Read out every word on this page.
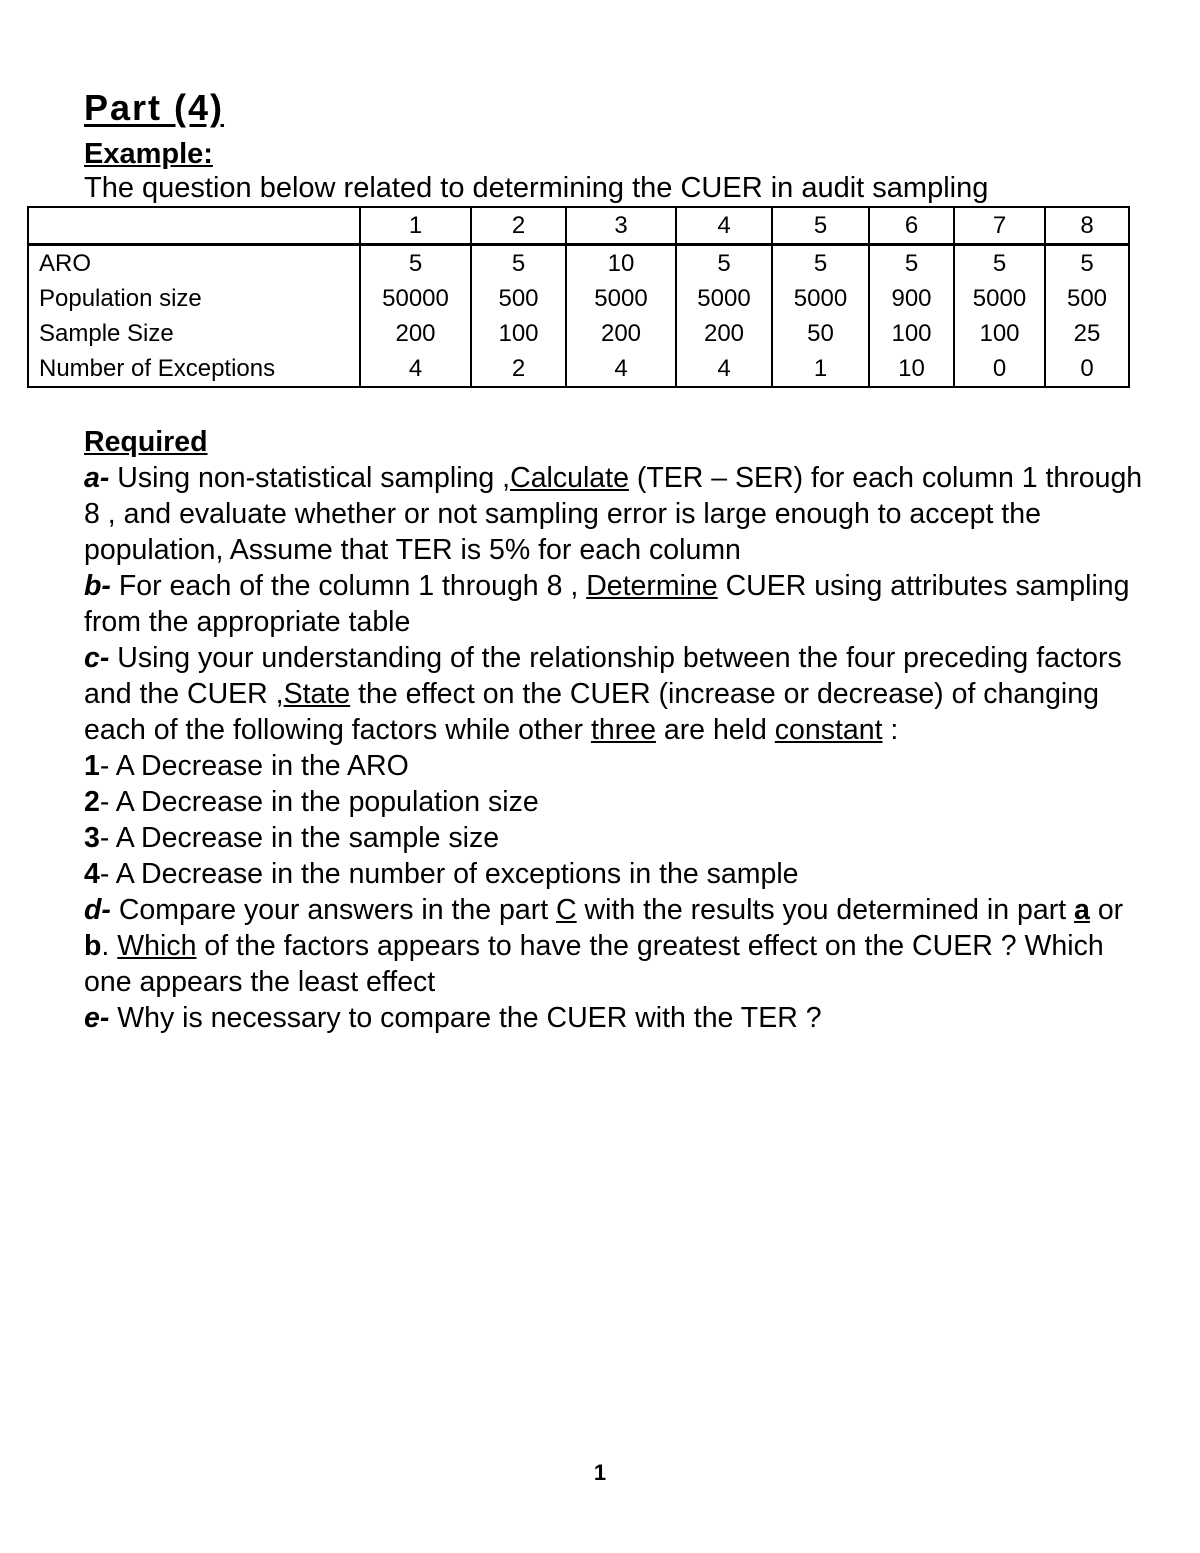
Part (4)
Example:
The question below related to determining the CUER in audit sampling
	1	2	3	4	5	6	7	8
ARO	5	5	10	5	5	5	5	5
Population size	50000	500	5000	5000	5000	900	5000	500
Sample Size	200	100	200	200	50	100	100	25
Number of Exceptions	4	2	4	4	1	10	0	0
Required
a- Using non-statistical sampling ,Calculate (TER – SER) for each column 1 through 8 , and evaluate whether or not sampling error is large enough to accept the population, Assume that TER is 5% for each column
b- For each of the column 1 through 8 , Determine CUER using attributes sampling from the appropriate table
c- Using your understanding of the relationship between the four preceding factors and the CUER ,State the effect on the CUER (increase or decrease) of changing each of the following factors while other three are held constant :
1- A Decrease in the ARO
2- A Decrease in the population size
3- A Decrease in the sample size
4- A Decrease in the number of exceptions in the sample
d- Compare your answers in the part C with the results you determined in part a or b. Which of the factors appears to have the greatest effect on the CUER ? Which one appears the least effect
e- Why is necessary to compare the CUER with the TER ?
1
